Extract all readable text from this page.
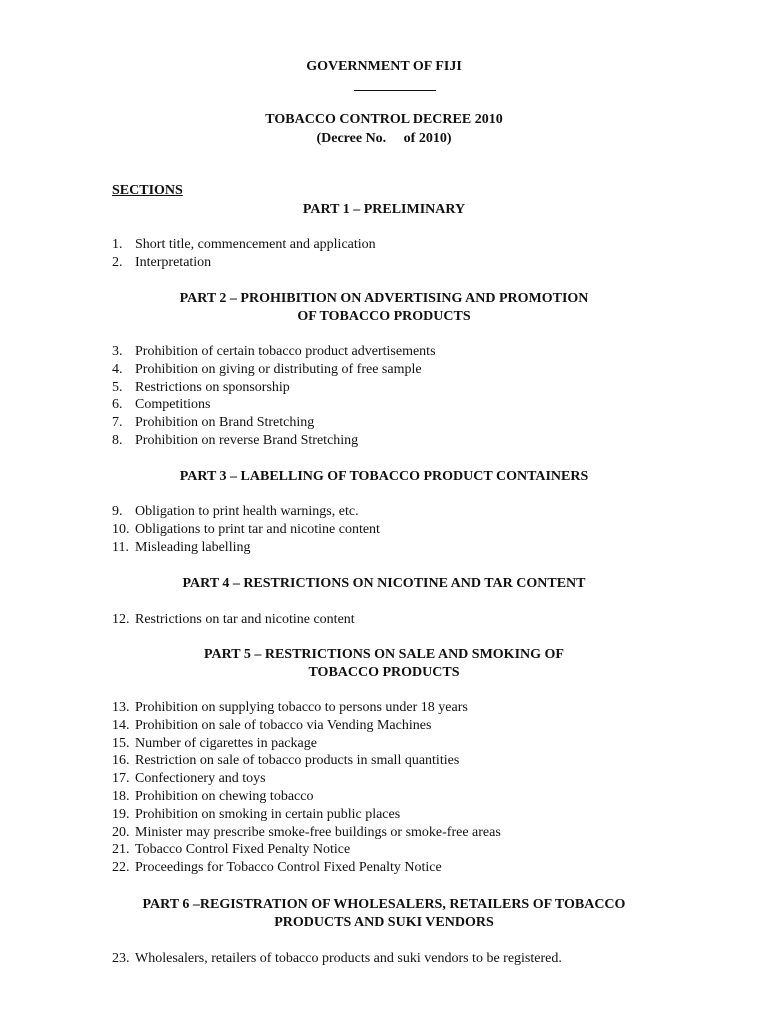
GOVERNMENT OF FIJI

TOBACCO CONTROL DECREE 2010

(Decree No.     of 2010)

SECTIONS

PART 1 – PRELIMINARY

1. Short title, commencement and application
2. Interpretation

PART 2 – PROHIBITION ON ADVERTISING AND PROMOTION

OF TOBACCO PRODUCTS

3. Prohibition of certain tobacco product advertisements
4. Prohibition on giving or distributing of free sample
5. Restrictions on sponsorship
6. Competitions
7. Prohibition on Brand Stretching
8. Prohibition on reverse Brand Stretching

PART 3 – LABELLING OF TOBACCO PRODUCT CONTAINERS

9. Obligation to print health warnings, etc.
10. Obligations to print tar and nicotine content
11. Misleading labelling

PART 4 – RESTRICTIONS ON NICOTINE AND TAR CONTENT

12. Restrictions on tar and nicotine content

PART 5 – RESTRICTIONS ON SALE AND SMOKING OF

TOBACCO PRODUCTS

13. Prohibition on supplying tobacco to persons under 18 years
14. Prohibition on sale of tobacco via Vending Machines
15. Number of cigarettes in package
16. Restriction on sale of tobacco products in small quantities
17. Confectionery and toys
18. Prohibition on chewing tobacco
19. Prohibition on smoking in certain public places
20. Minister may prescribe smoke-free buildings or smoke-free areas
21. Tobacco Control Fixed Penalty Notice
22. Proceedings for Tobacco Control Fixed Penalty Notice

PART 6 –REGISTRATION OF WHOLESALERS, RETAILERS OF TOBACCO

PRODUCTS AND SUKI VENDORS

23. Wholesalers, retailers of tobacco products and suki vendors to be registered.
